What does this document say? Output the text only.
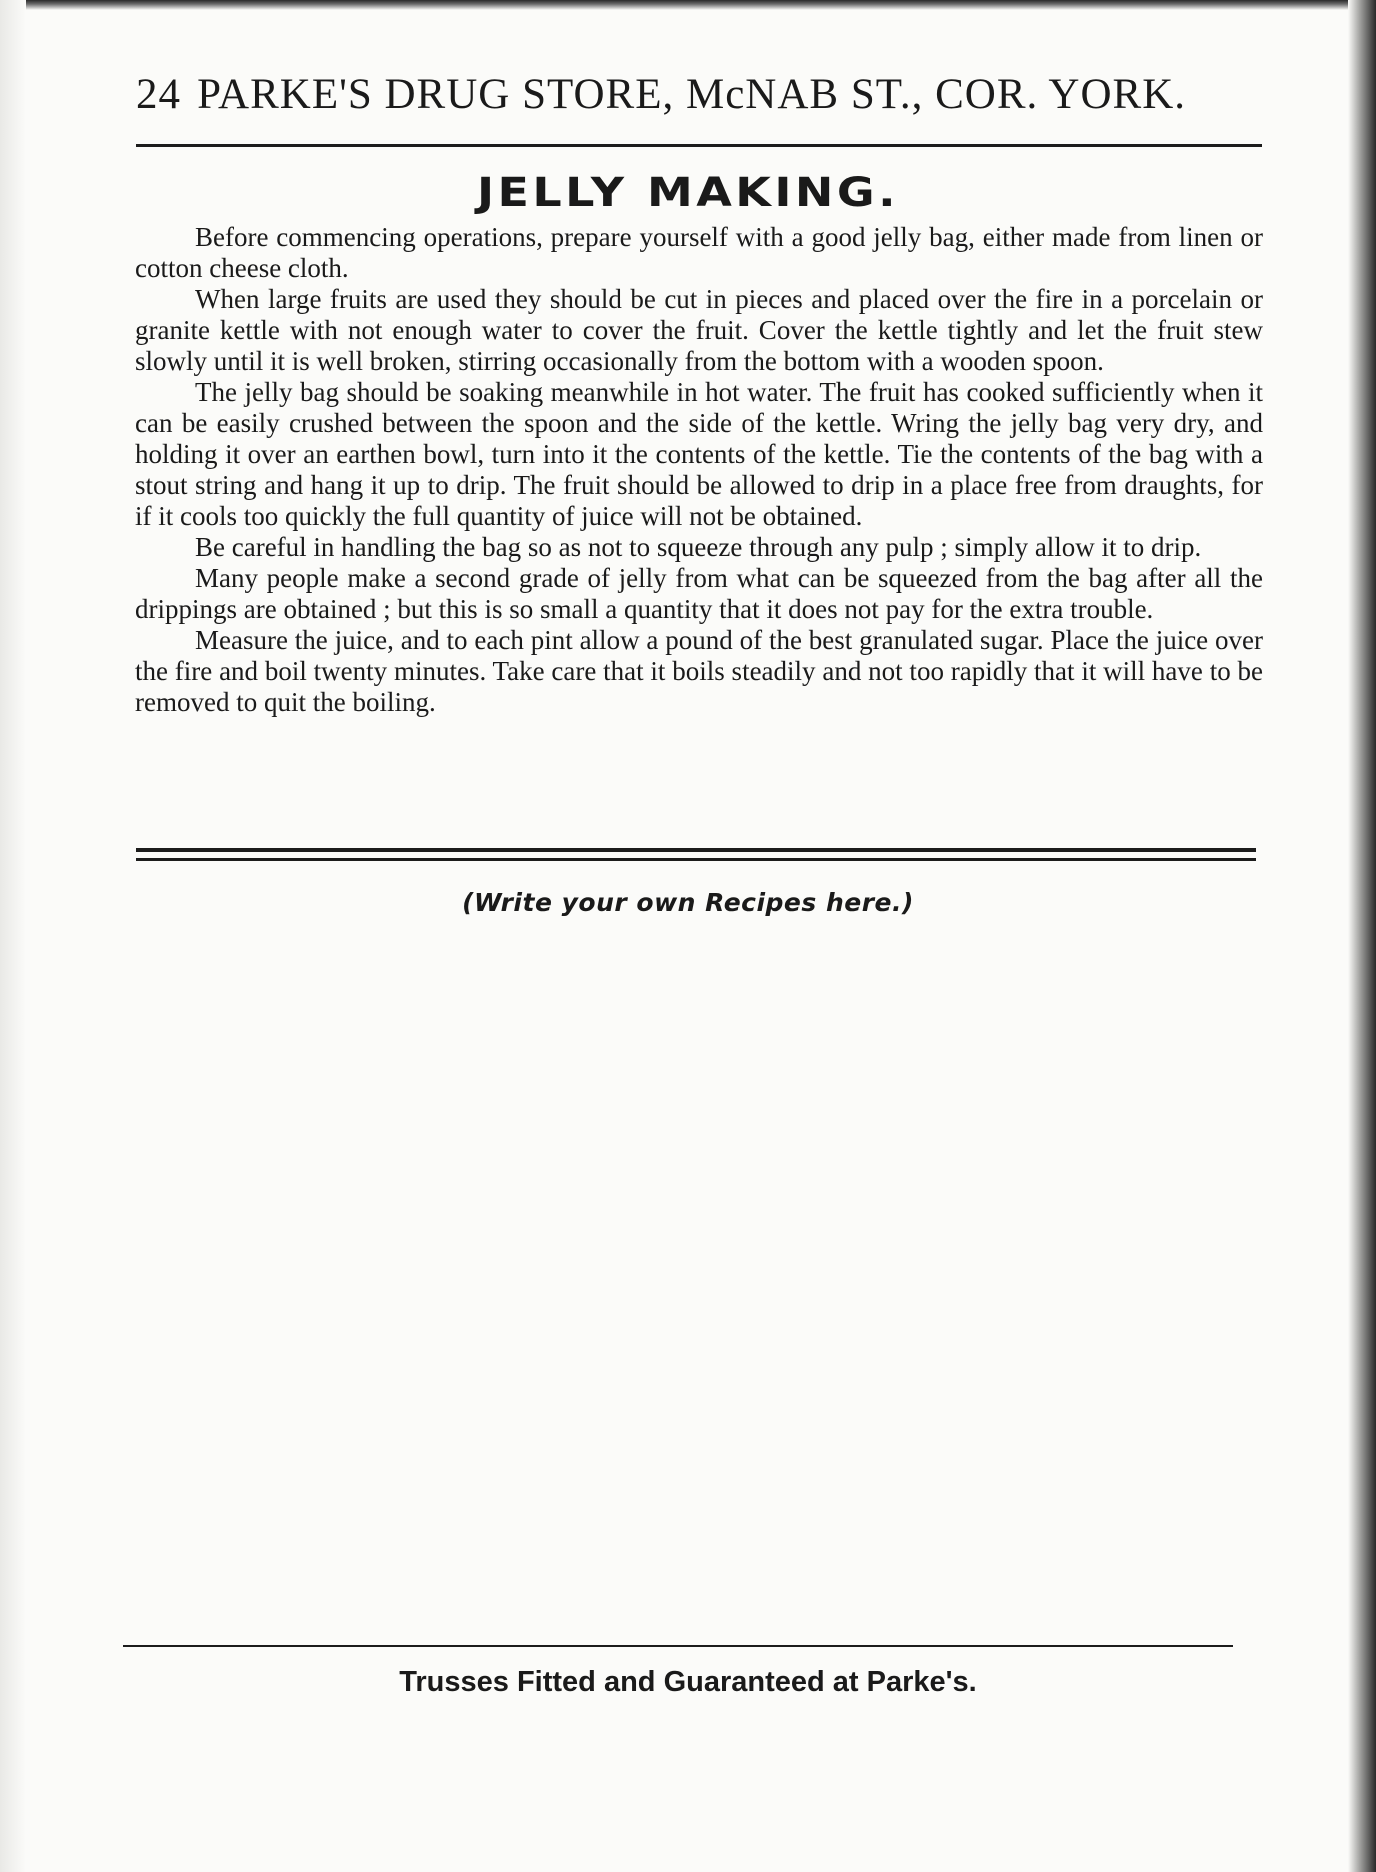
24 PARKE'S DRUG STORE, McNAB ST., COR. YORK.
JELLY MAKING.

Before commencing operations, prepare yourself with a good jelly bag, either made from linen or cotton cheese cloth.

When large fruits are used they should be cut in pieces and placed over the fire in a porcelain or granite kettle with not enough water to cover the fruit. Cover the kettle tightly and let the fruit stew slowly until it is well broken, stirring occasionally from the bottom with a wooden spoon.

The jelly bag should be soaking meanwhile in hot water. The fruit has cooked sufficiently when it can be easily crushed between the spoon and the side of the kettle. Wring the jelly bag very dry, and holding it over an earthen bowl, turn into it the contents of the kettle. Tie the contents of the bag with a stout string and hang it up to drip. The fruit should be allowed to drip in a place free from draughts, for if it cools too quickly the full quantity of juice will not be obtained.

Be careful in handling the bag so as not to squeeze through any pulp ; simply allow it to drip.

Many people make a second grade of jelly from what can be squeezed from the bag after all the drippings are obtained ; but this is so small a quantity that it does not pay for the extra trouble.

Measure the juice, and to each pint allow a pound of the best granulated sugar. Place the juice over the fire and boil twenty minutes. Take care that it boils steadily and not too rapidly that it will have to be removed to quit the boiling.

(Write your own Recipes here.)
Trusses Fitted and Guaranteed at Parke's.
